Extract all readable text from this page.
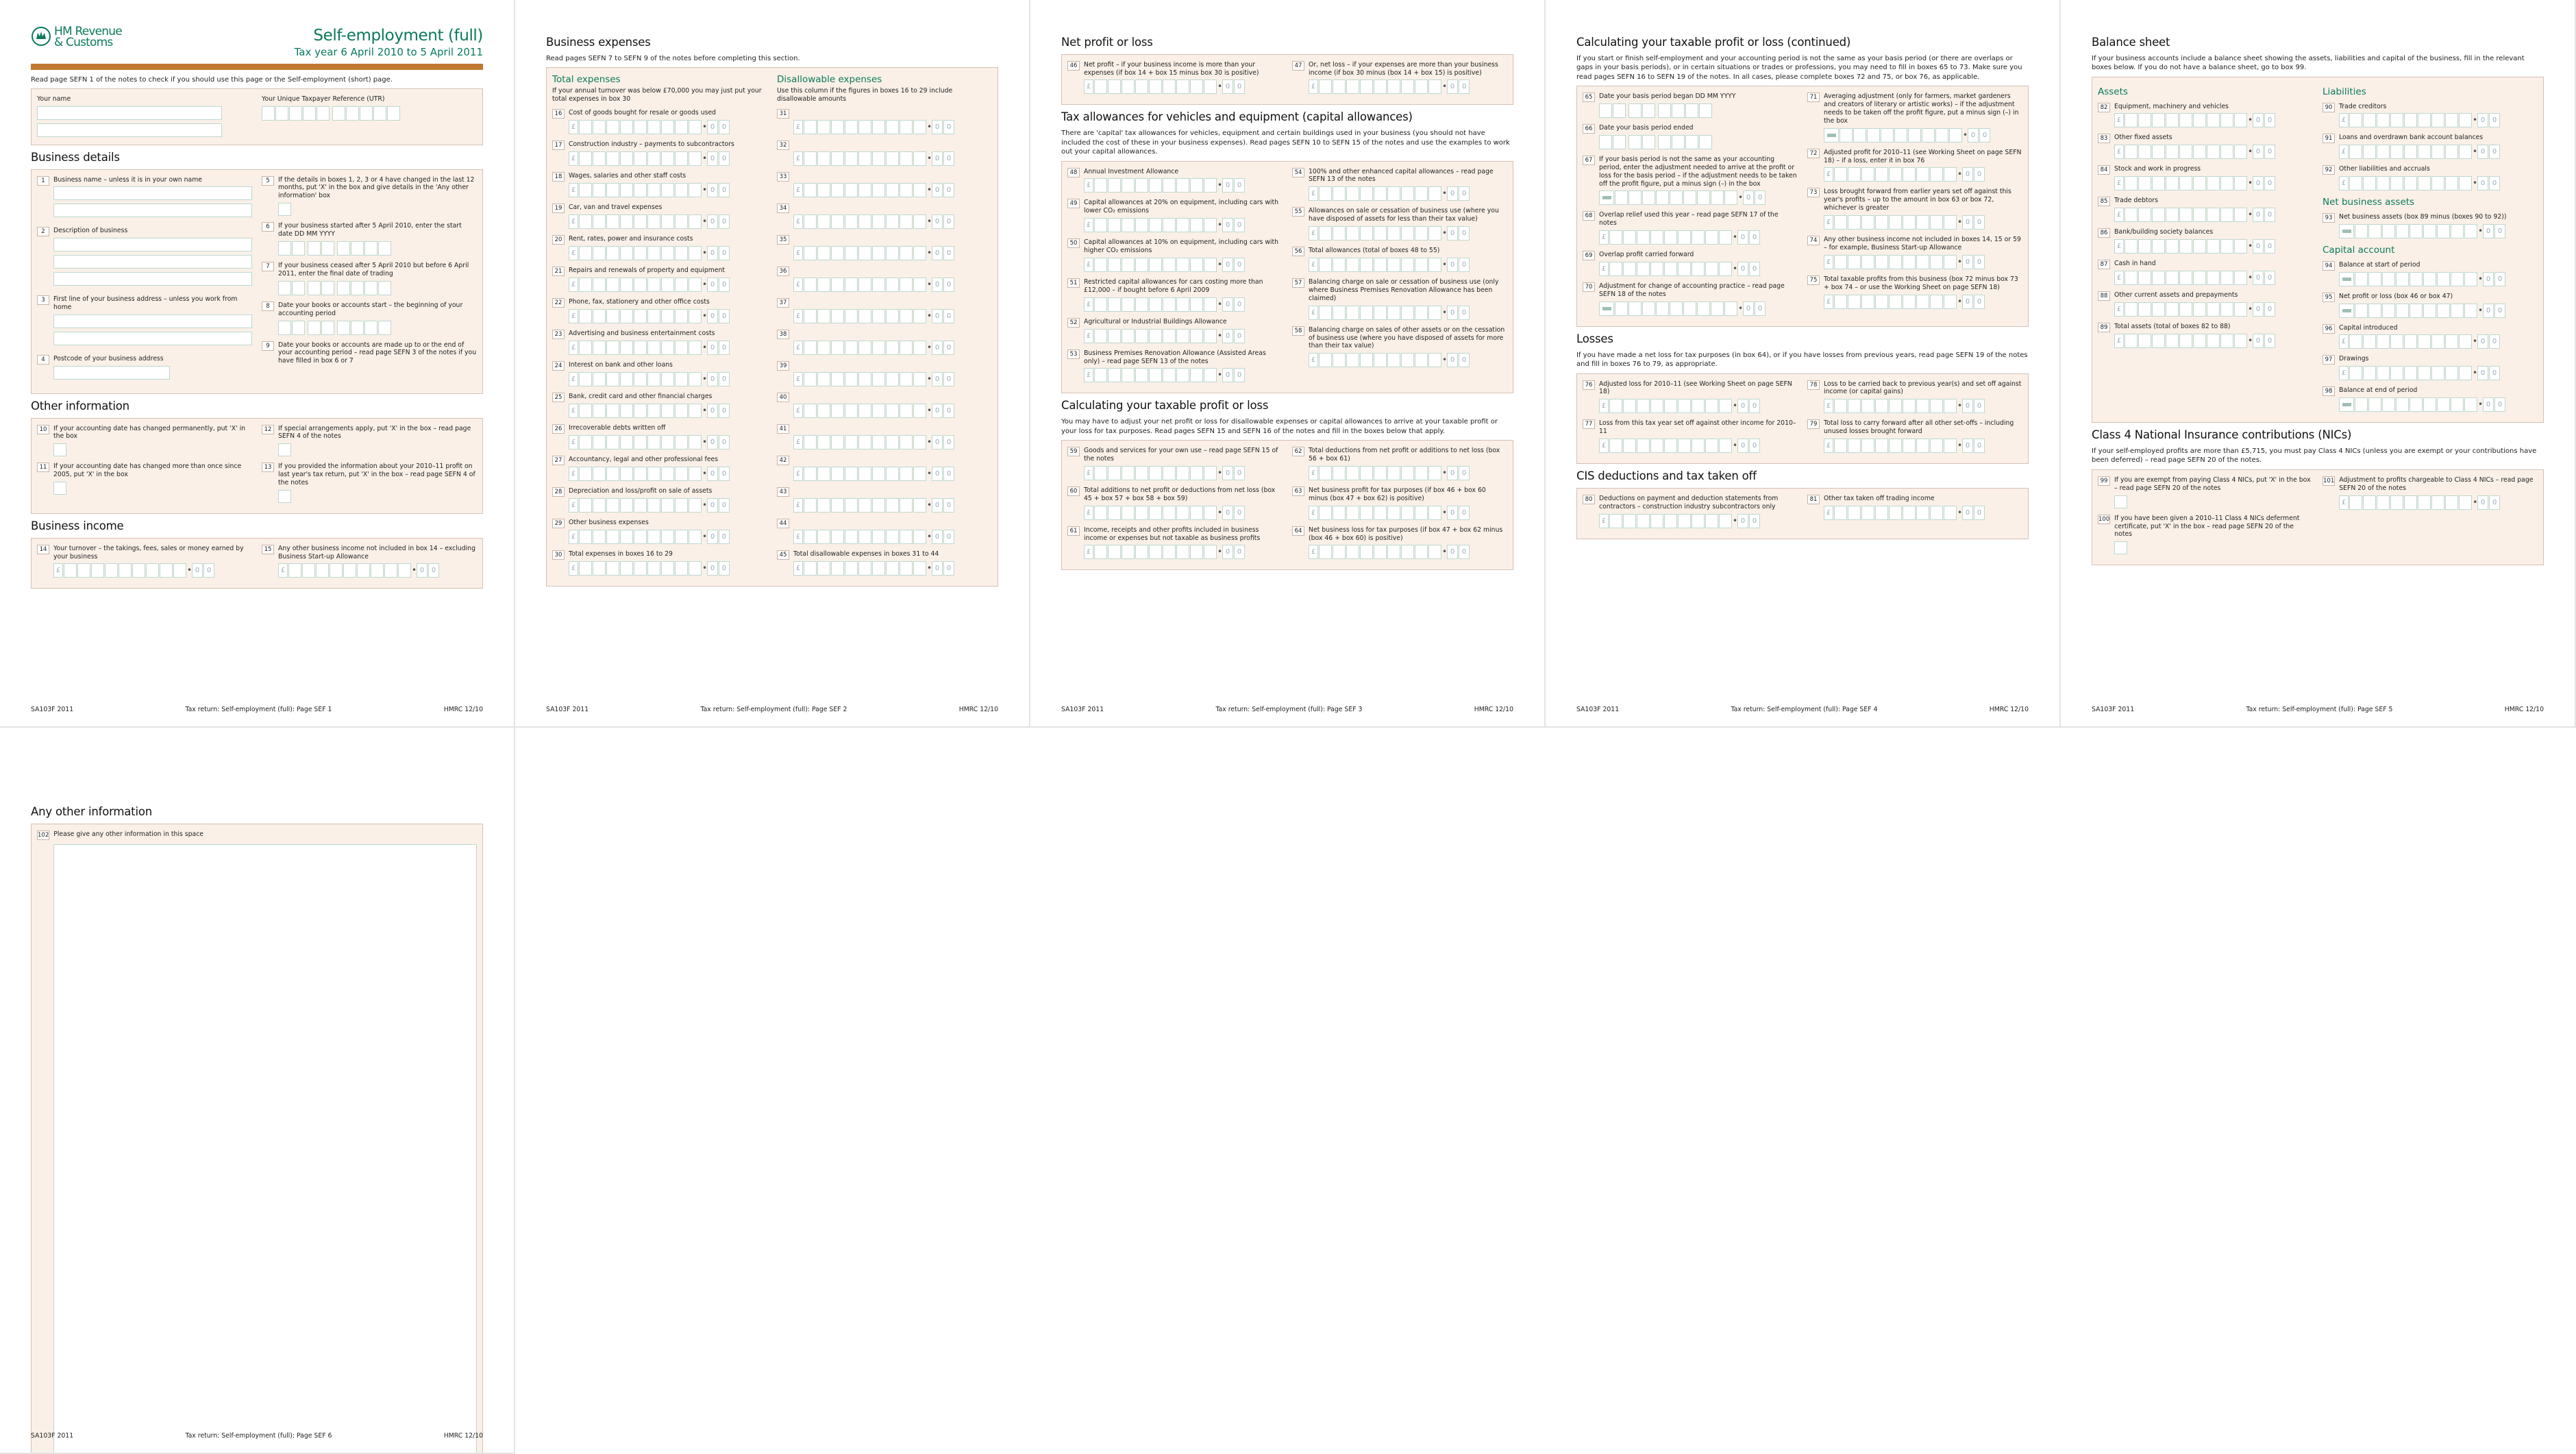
HM Revenue
& Customs	Self-employment (full)
Tax year 6 April 2010 to 5 April 2011
Read page SEFN 1 of the notes to check if you should use this page or the Self-employment (short) page.
Your name	Your Unique Taxpayer Reference (UTR)
Business details
1	Business name – unless it is in your own name
2	Description of business
3	First line of your business address – unless you work from home
4	Postcode of your business address
5	If the details in boxes 1, 2, 3 or 4 have changed in the last 12 months, put 'X' in the box and give details in the 'Any other information' box
6	If your business started after 5 April 2010, enter the start date DD MM YYYY
7	If your business ceased after 5 April 2010 but before 6 April 2011, enter the final date of trading
8	Date your books or accounts start – the beginning of your accounting period
9	Date your books or accounts are made up to or the end of your accounting period – read page SEFN 3 of the notes if you have filled in box 6 or 7
Other information
10	If your accounting date has changed permanently, put 'X' in the box
11	If your accounting date has changed more than once since 2005, put 'X' in the box
12	If special arrangements apply, put 'X' in the box – read page SEFN 4 of the notes
13	If you provided the information about your 2010–11 profit on last year's tax return, put 'X' in the box – read page SEFN 4 of the notes
Business income
14	Your turnover – the takings, fees, sales or money earned by your business
£	• 0	0
15	Any other business income not included in box 14 – excluding Business Start-up Allowance
£	• 0	0
SA103F 2011	Tax return: Self-employment (full): Page SEF 1	HMRC 12/10
Business expenses
Read pages SEFN 7 to SEFN 9 of the notes before completing this section.
Total expenses
If your annual turnover was below £70,000 you may just put your total expenses in box 30
Disallowable expenses
Use this column if the figures in boxes 16 to 29 include disallowable amounts
16	Cost of goods bought for resale or goods used
£	• 0	0
31
£	• 0	0
17	Construction industry – payments to subcontractors
£	• 0	0
32
£	• 0	0
18	Wages, salaries and other staff costs
£	• 0	0
33
£	• 0	0
19	Car, van and travel expenses
£	• 0	0
34
£	• 0	0
20	Rent, rates, power and insurance costs
£	• 0	0
35
£	• 0	0
21	Repairs and renewals of property and equipment
£	• 0	0
36
£	• 0	0
22	Phone, fax, stationery and other office costs
£	• 0	0
37
£	• 0	0
23	Advertising and business entertainment costs
£	• 0	0
38
£	• 0	0
24	Interest on bank and other loans
£	• 0	0
39
£	• 0	0
25	Bank, credit card and other financial charges
£	• 0	0
40
£	• 0	0
26	Irrecoverable debts written off
£	• 0	0
41
£	• 0	0
27	Accountancy, legal and other professional fees
£	• 0	0
42
£	• 0	0
28	Depreciation and loss/profit on sale of assets
£	• 0	0
43
£	• 0	0
29	Other business expenses
£	• 0	0
44
£	• 0	0
30	Total expenses in boxes 16 to 29
£	• 0	0
45	Total disallowable expenses in boxes 31 to 44
£	• 0	0
SA103F 2011	Tax return: Self-employment (full): Page SEF 2	HMRC 12/10
Net profit or loss
46	Net profit – if your business income is more than your expenses (if box 14 + box 15 minus box 30 is positive)
£	• 0	0
47	Or, net loss – if your expenses are more than your business income (if box 30 minus (box 14 + box 15) is positive)
£	• 0	0
Tax allowances for vehicles and equipment (capital allowances)
There are 'capital' tax allowances for vehicles, equipment and certain buildings used in your business (you should not have included the cost of these in your business expenses). Read pages SEFN 10 to SEFN 15 of the notes and use the examples to work out your capital allowances.
48	Annual Investment Allowance
£	• 0	0
49	Capital allowances at 20% on equipment, including cars with lower CO₂ emissions
£	• 0	0
50	Capital allowances at 10% on equipment, including cars with higher CO₂ emissions
£	• 0	0
51	Restricted capital allowances for cars costing more than £12,000 – if bought before 6 April 2009
£	• 0	0
52	Agricultural or Industrial Buildings Allowance
£	• 0	0
53	Business Premises Renovation Allowance (Assisted Areas only) – read page SEFN 13 of the notes
£	• 0	0
54	100% and other enhanced capital allowances – read page SEFN 13 of the notes
£	• 0	0
55	Allowances on sale or cessation of business use (where you have disposed of assets for less than their tax value)
£	• 0	0
56	Total allowances (total of boxes 48 to 55)
£	• 0	0
57	Balancing charge on sale or cessation of business use (only where Business Premises Renovation Allowance has been claimed)
£	• 0	0
58	Balancing charge on sales of other assets or on the cessation of business use (where you have disposed of assets for more than their tax value)
£	• 0	0
Calculating your taxable profit or loss
You may have to adjust your net profit or loss for disallowable expenses or capital allowances to arrive at your taxable profit or your loss for tax purposes. Read pages SEFN 15 and SEFN 16 of the notes and fill in the boxes below that apply.
59	Goods and services for your own use – read page SEFN 15 of the notes
£	• 0	0
60	Total additions to net profit or deductions from net loss (box 45 + box 57 + box 58 + box 59)
£	• 0	0
61	Income, receipts and other profits included in business income or expenses but not taxable as business profits
£	• 0	0
62	Total deductions from net profit or additions to net loss (box 56 + box 61)
£	• 0	0
63	Net business profit for tax purposes (if box 46 + box 60 minus (box 47 + box 62) is positive)
£	• 0	0
64	Net business loss for tax purposes (if box 47 + box 62 minus (box 46 + box 60) is positive)
£	• 0	0
SA103F 2011	Tax return: Self-employment (full): Page SEF 3	HMRC 12/10
Calculating your taxable profit or loss (continued)
If you start or finish self-employment and your accounting period is not the same as your basis period (or there are overlaps or gaps in your basis periods), or in certain situations or trades or professions, you may need to fill in boxes 65 to 73. Make sure you read pages SEFN 16 to SEFN 19 of the notes. In all cases, please complete boxes 72 and 75, or box 76, as applicable.
65	Date your basis period began DD MM YYYY
66	Date your basis period ended
67	If your basis period is not the same as your accounting period, enter the adjustment needed to arrive at the profit or loss for the basis period – if the adjustment needs to be taken off the profit figure, put a minus sign (–) in the box
• 0	0
68	Overlap relief used this year – read page SEFN 17 of the notes
£	• 0	0
69	Overlap profit carried forward
£	• 0	0
70	Adjustment for change of accounting practice – read page SEFN 18 of the notes
• 0	0
71	Averaging adjustment (only for farmers, market gardeners and creators of literary or artistic works) – if the adjustment needs to be taken off the profit figure, put a minus sign (–) in the box
• 0	0
72	Adjusted profit for 2010–11 (see Working Sheet on page SEFN 18) – if a loss, enter it in box 76
£	• 0	0
73	Loss brought forward from earlier years set off against this year's profits – up to the amount in box 63 or box 72, whichever is greater
£	• 0	0
74	Any other business income not included in boxes 14, 15 or 59 – for example, Business Start-up Allowance
£	• 0	0
75	Total taxable profits from this business (box 72 minus box 73 + box 74 – or use the Working Sheet on page SEFN 18)
£	• 0	0
Losses
If you have made a net loss for tax purposes (in box 64), or if you have losses from previous years, read page SEFN 19 of the notes and fill in boxes 76 to 79, as appropriate.
76	Adjusted loss for 2010–11 (see Working Sheet on page SEFN 18)
£	• 0	0
77	Loss from this tax year set off against other income for 2010–11
£	• 0	0
78	Loss to be carried back to previous year(s) and set off against income (or capital gains)
£	• 0	0
79	Total loss to carry forward after all other set-offs – including unused losses brought forward
£	• 0	0
CIS deductions and tax taken off
80	Deductions on payment and deduction statements from contractors – construction industry subcontractors only
£	• 0	0
81	Other tax taken off trading income
£	• 0	0
SA103F 2011	Tax return: Self-employment (full): Page SEF 4	HMRC 12/10
Balance sheet
If your business accounts include a balance sheet showing the assets, liabilities and capital of the business, fill in the relevant boxes below. If you do not have a balance sheet, go to box 99.
Assets
82	Equipment, machinery and vehicles
£	• 0	0
83	Other fixed assets
£	• 0	0
84	Stock and work in progress
£	• 0	0
85	Trade debtors
£	• 0	0
86	Bank/building society balances
£	• 0	0
87	Cash in hand
£	• 0	0
88	Other current assets and prepayments
£	• 0	0
89	Total assets (total of boxes 82 to 88)
£	• 0	0
Liabilities
90	Trade creditors
£	• 0	0
91	Loans and overdrawn bank account balances
£	• 0	0
92	Other liabilities and accruals
£	• 0	0
Net business assets
93	Net business assets (box 89 minus (boxes 90 to 92))
• 0	0
Capital account
94	Balance at start of period
• 0	0
95	Net profit or loss (box 46 or box 47)
• 0	0
96	Capital introduced
£	• 0	0
97	Drawings
£	• 0	0
98	Balance at end of period
• 0	0
Class 4 National Insurance contributions (NICs)
If your self-employed profits are more than £5,715, you must pay Class 4 NICs (unless you are exempt or your contributions have been deferred) – read page SEFN 20 of the notes.
99	If you are exempt from paying Class 4 NICs, put 'X' in the box – read page SEFN 20 of the notes
100 If you have been given a 2010–11 Class 4 NICs deferment certificate, put 'X' in the box – read page SEFN 20 of the notes
101 Adjustment to profits chargeable to Class 4 NICs – read page SEFN 20 of the notes
£	• 0	0
SA103F 2011	Tax return: Self-employment (full): Page SEF 5	HMRC 12/10
Any other information
102 Please give any other information in this space
SA103F 2011	Tax return: Self-employment (full): Page SEF 6	HMRC 12/10
